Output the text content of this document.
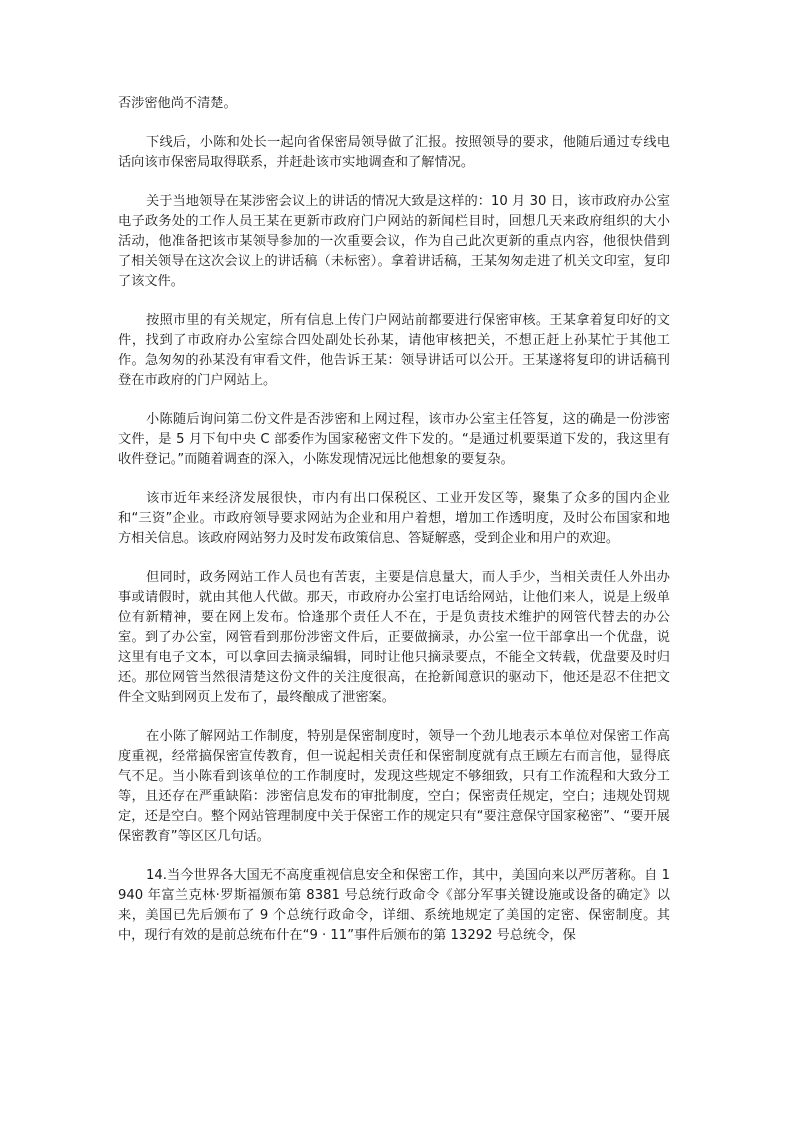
否涉密他尚不清楚。

下线后，小陈和处长一起向省保密局领导做了汇报。按照领导的要求，他随后通过专线电话向该市保密局取得联系，并赶赴该市实地调查和了解情况。

关于当地领导在某涉密会议上的讲话的情况大致是这样的：10 月 30 日，该市政府办公室电子政务处的工作人员王某在更新市政府门户网站的新闻栏目时，回想几天来政府组织的大小活动，他准备把该市某领导参加的一次重要会议，作为自己此次更新的重点内容，他很快借到了相关领导在这次会议上的讲话稿（未标密）。拿着讲话稿，王某匆匆走进了机关文印室，复印了该文件。

按照市里的有关规定，所有信息上传门户网站前都要进行保密审核。王某拿着复印好的文件，找到了市政府办公室综合四处副处长孙某，请他审核把关，不想正赶上孙某忙于其他工作。急匆匆的孙某没有审看文件，他告诉王某：领导讲话可以公开。王某遂将复印的讲话稿刊登在市政府的门户网站上。

小陈随后询问第二份文件是否涉密和上网过程，该市办公室主任答复，这的确是一份涉密文件，是 5 月下旬中央 C 部委作为国家秘密文件下发的。“是通过机要渠道下发的，我这里有收件登记。”而随着调查的深入，小陈发现情况远比他想象的要复杂。

该市近年来经济发展很快，市内有出口保税区、工业开发区等，聚集了众多的国内企业和“三资”企业。市政府领导要求网站为企业和用户着想，增加工作透明度，及时公布国家和地方相关信息。该政府网站努力及时发布政策信息、答疑解惑，受到企业和用户的欢迎。

但同时，政务网站工作人员也有苦衷，主要是信息量大，而人手少，当相关责任人外出办事或请假时，就由其他人代做。那天，市政府办公室打电话给网站，让他们来人，说是上级单位有新精神，要在网上发布。恰逢那个责任人不在，于是负责技术维护的网管代替去的办公室。到了办公室，网管看到那份涉密文件后，正要做摘录，办公室一位干部拿出一个优盘，说这里有电子文本，可以拿回去摘录编辑，同时让他只摘录要点，不能全文转载，优盘要及时归还。那位网管当然很清楚这份文件的关注度很高，在抢新闻意识的驱动下，他还是忍不住把文件全文贴到网页上发布了，最终酿成了泄密案。

在小陈了解网站工作制度，特别是保密制度时，领导一个劲儿地表示本单位对保密工作高度重视，经常搞保密宣传教育，但一说起相关责任和保密制度就有点王顾左右而言他，显得底气不足。当小陈看到该单位的工作制度时，发现这些规定不够细致，只有工作流程和大致分工等，且还存在严重缺陷：涉密信息发布的审批制度，空白；保密责任规定，空白；违规处罚规定，还是空白。整个网站管理制度中关于保密工作的规定只有“要注意保守国家秘密”、“要开展保密教育”等区区几句话。

14.当今世界各大国无不高度重视信息安全和保密工作，其中，美国向来以严厉著称。自 1940 年富兰克林·罗斯福颁布第 8381 号总统行政命令《部分军事关键设施或设备的确定》以来，美国已先后颁布了 9 个总统行政命令，详细、系统地规定了美国的定密、保密制度。其中，现行有效的是前总统布什在“9 · 11”事件后颁布的第 13292 号总统令，保
